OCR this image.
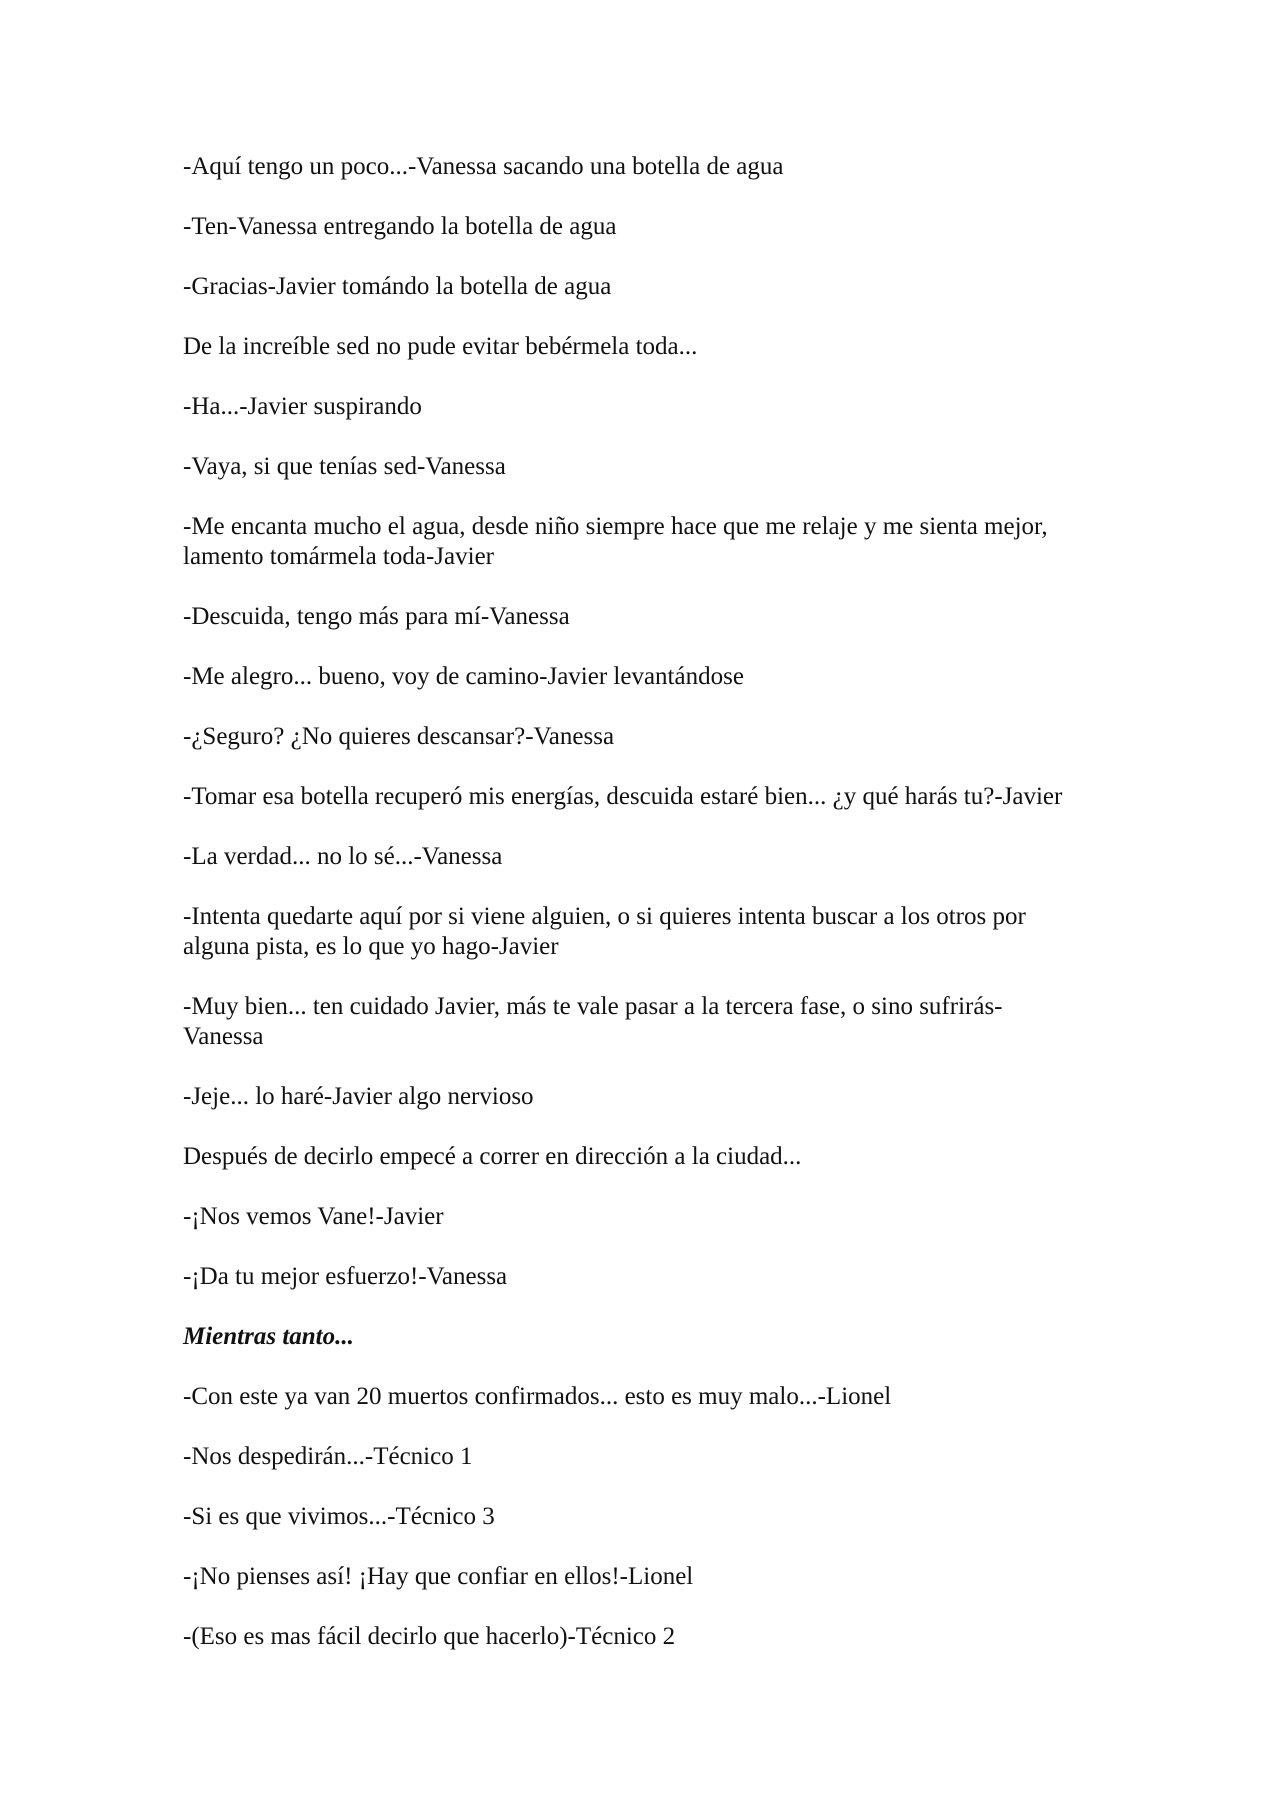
-Aquí tengo un poco...-Vanessa sacando una botella de agua

-Ten-Vanessa entregando la botella de agua

-Gracias-Javier tomándo la botella de agua

De la increíble sed no pude evitar bebérmela toda...

-Ha...-Javier suspirando

-Vaya, si que tenías sed-Vanessa

-Me encanta mucho el agua, desde niño siempre hace que me relaje y me sienta mejor,
lamento tomármela toda-Javier

-Descuida, tengo más para mí-Vanessa

-Me alegro... bueno, voy de camino-Javier levantándose

-¿Seguro? ¿No quieres descansar?-Vanessa

-Tomar esa botella recuperó mis energías, descuida estaré bien... ¿y qué harás tu?-Javier

-La verdad... no lo sé...-Vanessa

-Intenta quedarte aquí por si viene alguien, o si quieres intenta buscar a los otros por
alguna pista, es lo que yo hago-Javier

-Muy bien... ten cuidado Javier, más te vale pasar a la tercera fase, o sino sufrirás-
Vanessa

-Jeje... lo haré-Javier algo nervioso

Después de decirlo empecé a correr en dirección a la ciudad...

-¡Nos vemos Vane!-Javier

-¡Da tu mejor esfuerzo!-Vanessa

Mientras tanto...

-Con este ya van 20 muertos confirmados... esto es muy malo...-Lionel

-Nos despedirán...-Técnico 1

-Si es que vivimos...-Técnico 3

-¡No pienses así! ¡Hay que confiar en ellos!-Lionel

-(Eso es mas fácil decirlo que hacerlo)-Técnico 2
